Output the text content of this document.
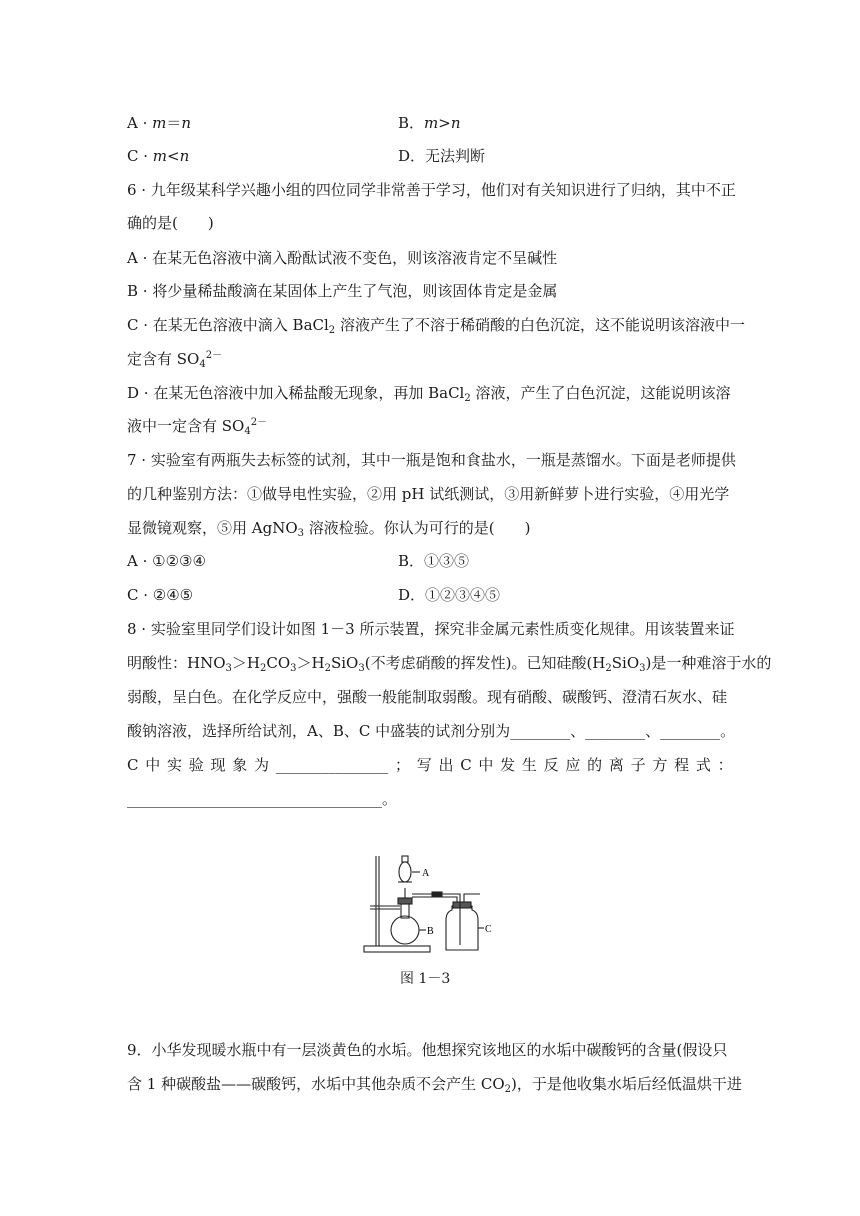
A · m＝n	B．m>n
C · m<n	D．无法判断
6 · 九年级某科学兴趣小组的四位同学非常善于学习，他们对有关知识进行了归纳，其中不正
确的是(　　)
A · 在某无色溶液中滴入酚酞试液不变色，则该溶液肯定不呈碱性
B · 将少量稀盐酸滴在某固体上产生了气泡，则该固体肯定是金属
C · 在某无色溶液中滴入 BaCl$_2$ 溶液产生了不溶于稀硝酸的白色沉淀，这不能说明该溶液中一
定含有 $SO_4^{2-}$
D · 在某无色溶液中加入稀盐酸无现象，再加 BaCl$_2$ 溶液，产生了白色沉淀，这能说明该溶
液中一定含有 $SO_4^{2-}$
7 · 实验室有两瓶失去标签的试剂，其中一瓶是饱和食盐水，一瓶是蒸馏水。下面是老师提供
的几种鉴别方法：①做导电性实验，②用 pH 试纸测试，③用新鲜萝卜进行实验，④用光学
显微镜观察，⑤用 AgNO$_3$ 溶液检验。你认为可行的是(　　)
A · ①②③④	B．①③⑤
C · ②④⑤	D．①②③④⑤
8 · 实验室里同学们设计如图 1－3 所示装置，探究非金属元素性质变化规律。用该装置来证
明酸性：$HNO_3>H_2CO_3>H_2SiO_3$(不考虑硝酸的挥发性)。已知硅酸$(H_2SiO_3)$是一种难溶于水的
弱酸，呈白色。在化学反应中，强酸一般能制取弱酸。现有硝酸、碳酸钙、澄清石灰水、硅
酸钠溶液，选择所给试剂，A、B、C 中盛装的试剂分别为________、________、________。
C 中 实 验 现 象 为 _______________ ； 写 出 C 中 发 生 反 应 的 离 子 方 程 式 ：
__________________________________。
A
B	C
图 1－3
9．小华发现暖水瓶中有一层淡黄色的水垢。他想探究该地区的水垢中碳酸钙的含量(假设只
含 1 种碳酸盐——碳酸钙，水垢中其他杂质不会产生 $CO_2$)，于是他收集水垢后经低温烘干进
